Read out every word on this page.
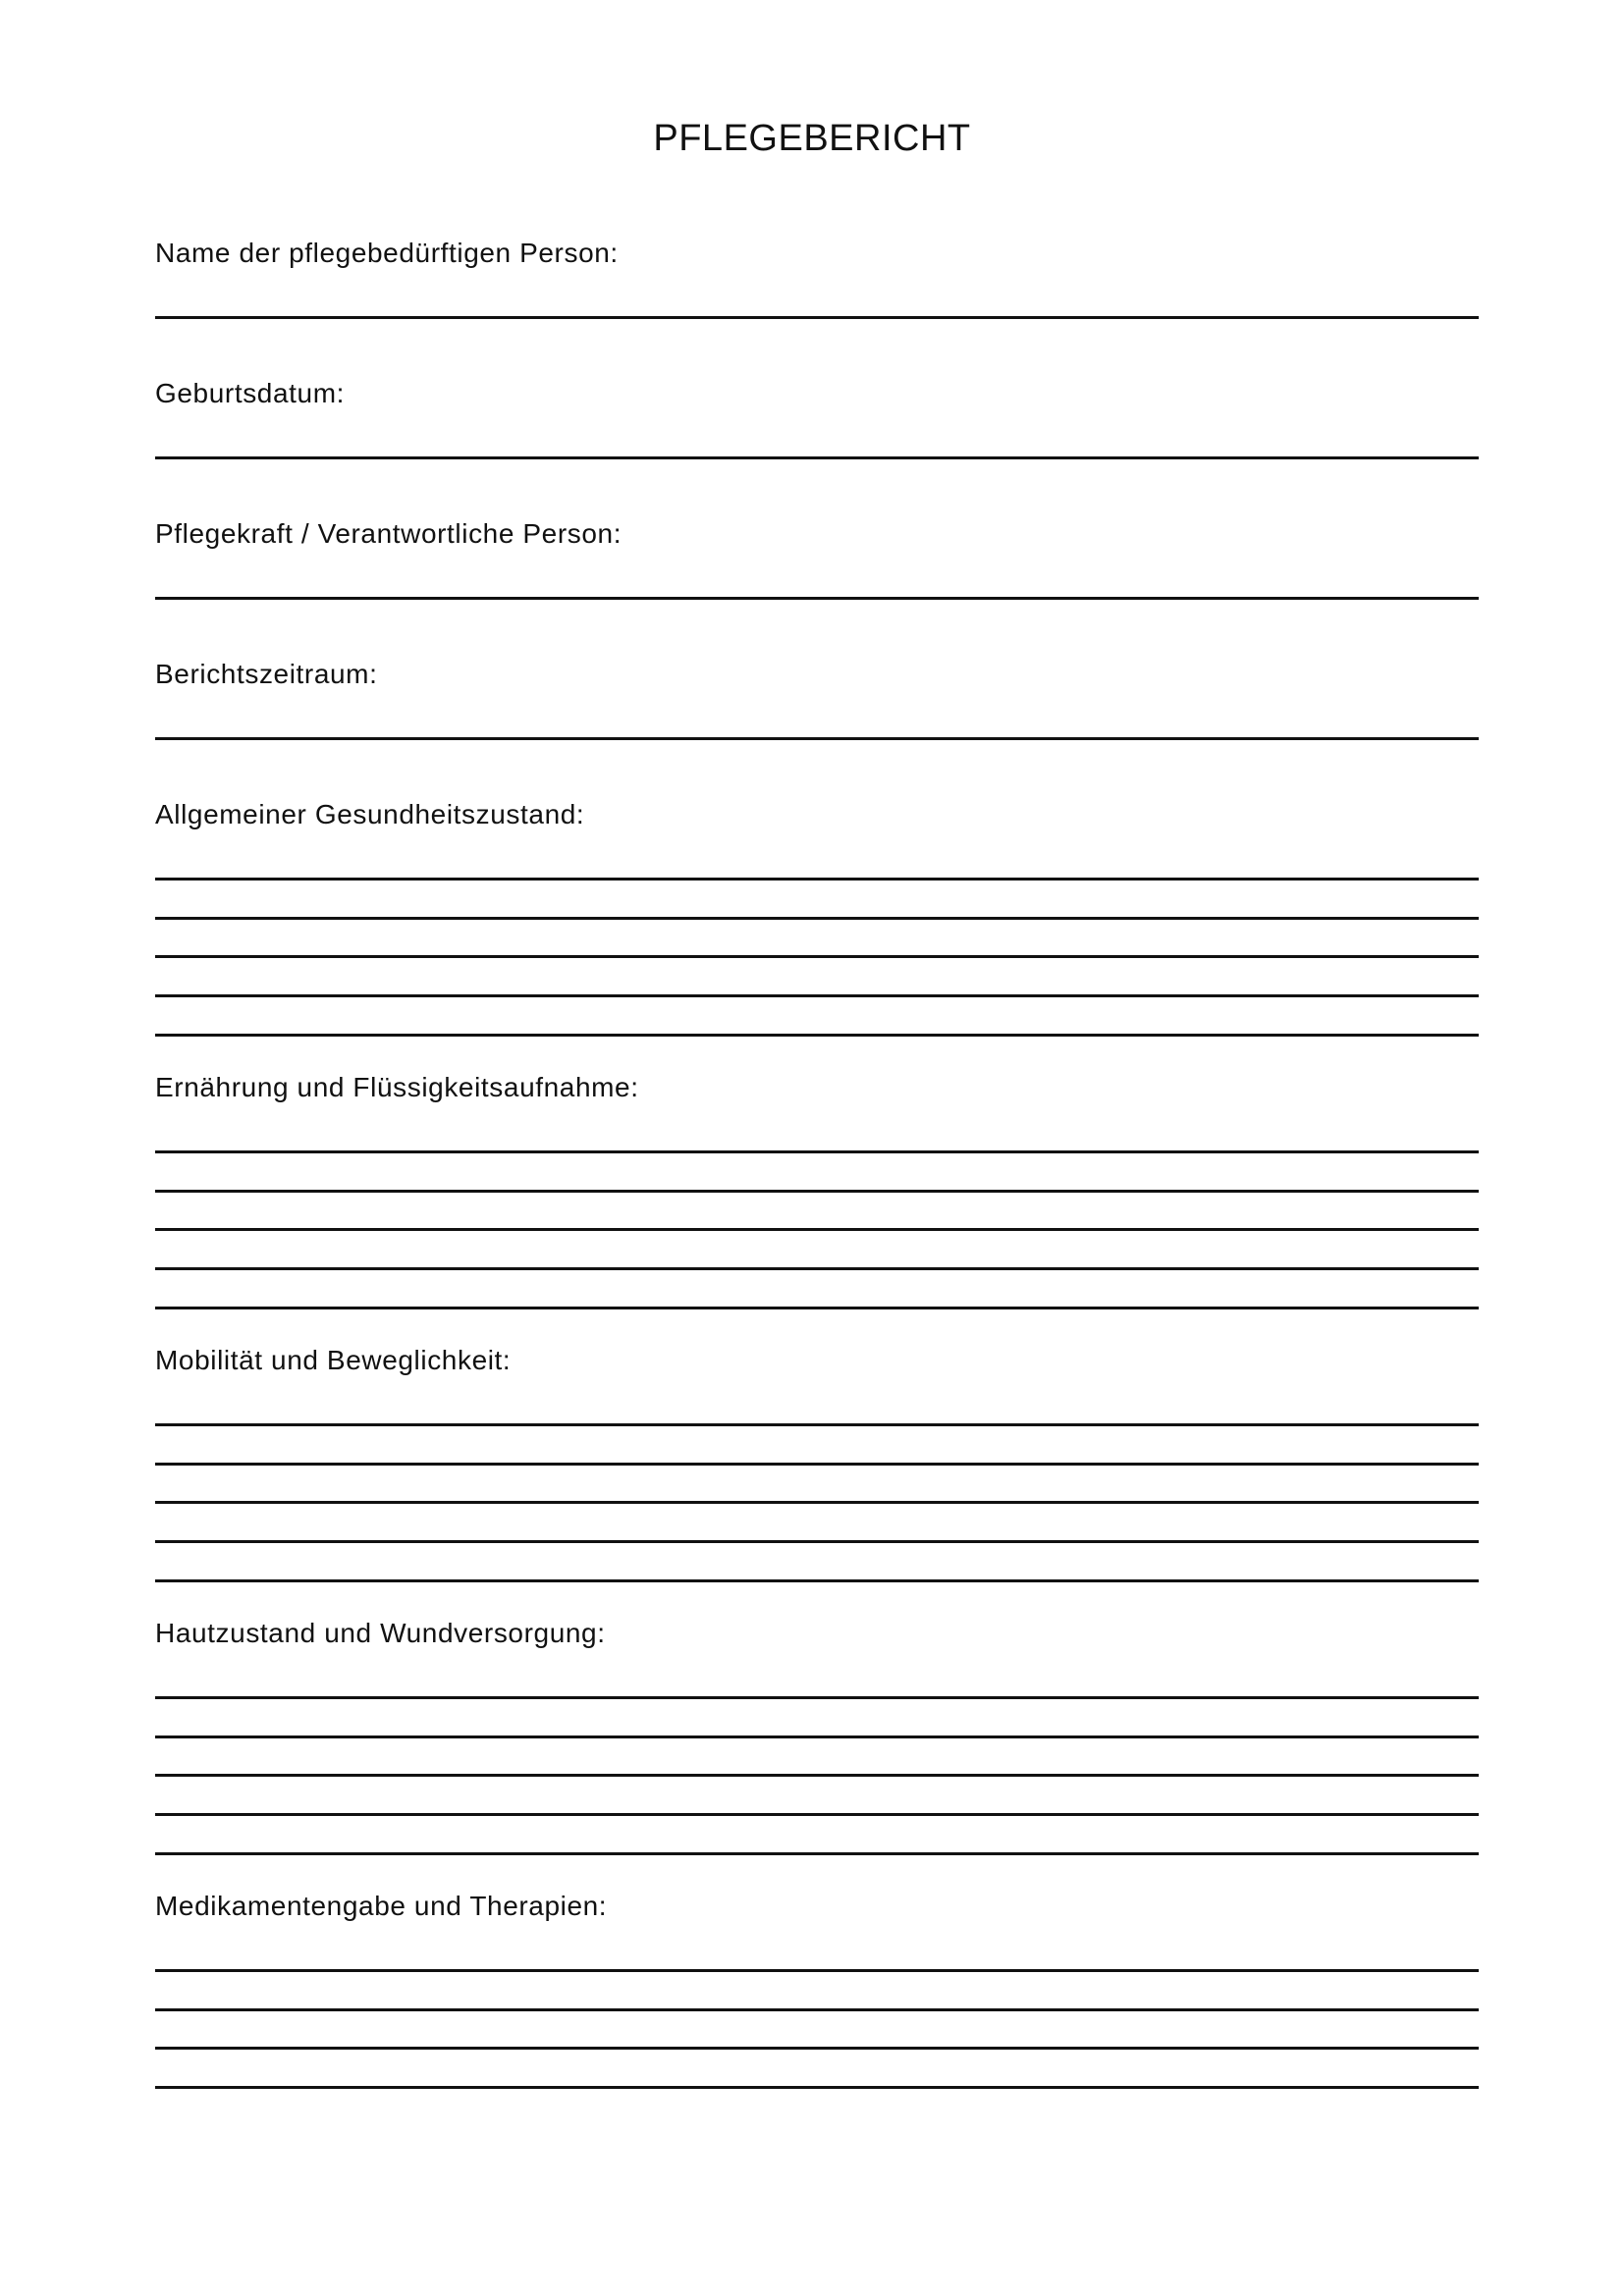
PFLEGEBERICHT
Name der pflegebedürftigen Person:
Geburtsdatum:
Pflegekraft / Verantwortliche Person:
Berichtszeitraum:
Allgemeiner Gesundheitszustand:
Ernährung und Flüssigkeitsaufnahme:
Mobilität und Beweglichkeit:
Hautzustand und Wundversorgung:
Medikamentengabe und Therapien:
